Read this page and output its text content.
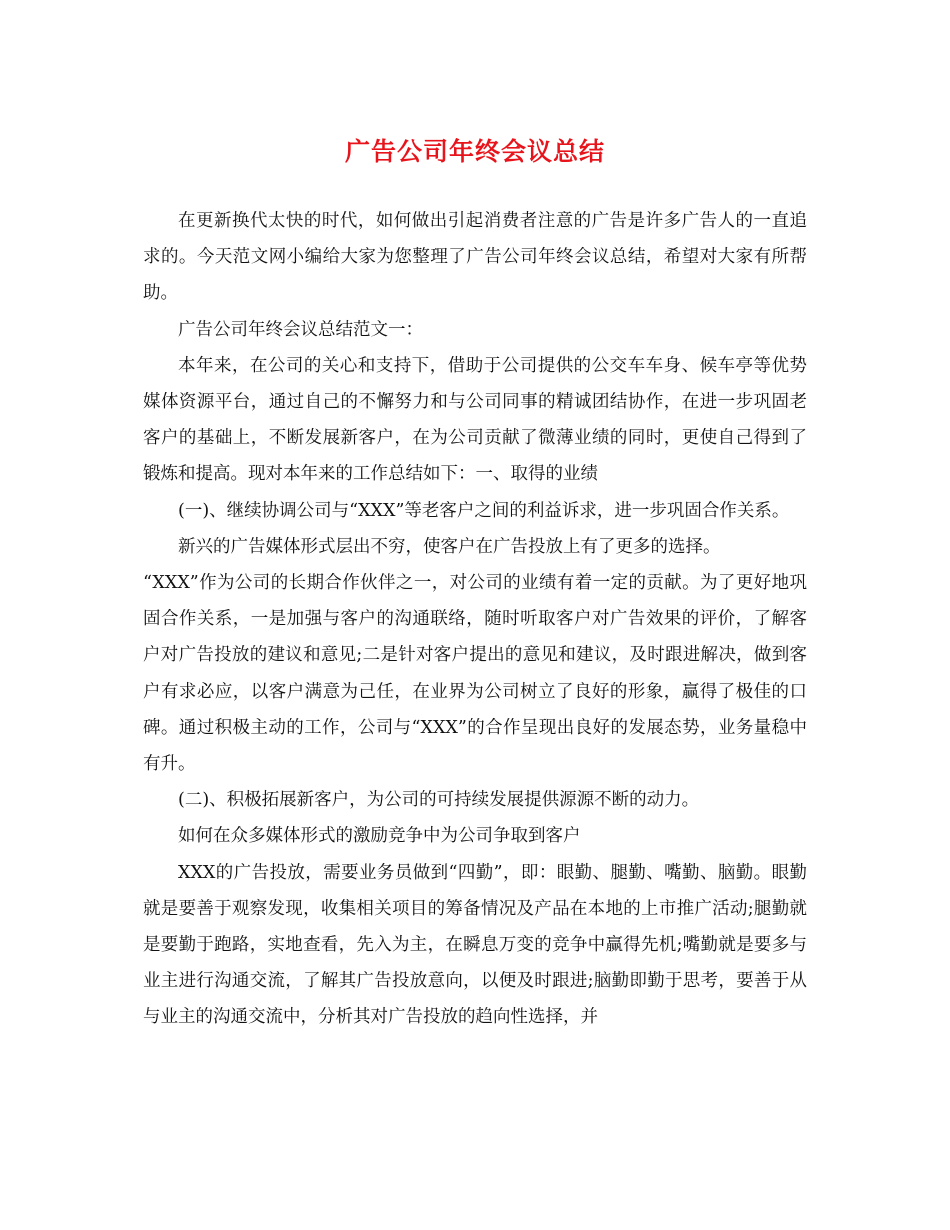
广告公司年终会议总结

在更新换代太快的时代，如何做出引起消费者注意的广告是许多广告人的一直追求的。今天范文网小编给大家为您整理了广告公司年终会议总结，希望对大家有所帮助。

广告公司年终会议总结范文一：

本年来，在公司的关心和支持下，借助于公司提供的公交车车身、候车亭等优势媒体资源平台，通过自己的不懈努力和与公司同事的精诚团结协作，在进一步巩固老客户的基础上，不断发展新客户，在为公司贡献了微薄业绩的同时，更使自己得到了锻炼和提高。现对本年来的工作总结如下：一、取得的业绩

(一)、继续协调公司与“XXX”等老客户之间的利益诉求，进一步巩固合作关系。

新兴的广告媒体形式层出不穷，使客户在广告投放上有了更多的选择。

“XXX”作为公司的长期合作伙伴之一，对公司的业绩有着一定的贡献。为了更好地巩固合作关系，一是加强与客户的沟通联络，随时听取客户对广告效果的评价，了解客户对广告投放的建议和意见;二是针对客户提出的意见和建议，及时跟进解决，做到客户有求必应，以客户满意为己任，在业界为公司树立了良好的形象，赢得了极佳的口碑。通过积极主动的工作，公司与“XXX”的合作呈现出良好的发展态势，业务量稳中有升。

(二)、积极拓展新客户，为公司的可持续发展提供源源不断的动力。

如何在众多媒体形式的激励竞争中为公司争取到客户

XXX的广告投放，需要业务员做到“四勤”，即：眼勤、腿勤、嘴勤、脑勤。眼勤就是要善于观察发现，收集相关项目的筹备情况及产品在本地的上市推广活动;腿勤就是要勤于跑路，实地查看，先入为主，在瞬息万变的竞争中赢得先机;嘴勤就是要多与业主进行沟通交流，了解其广告投放意向，以便及时跟进;脑勤即勤于思考，要善于从与业主的沟通交流中，分析其对广告投放的趋向性选择，并
